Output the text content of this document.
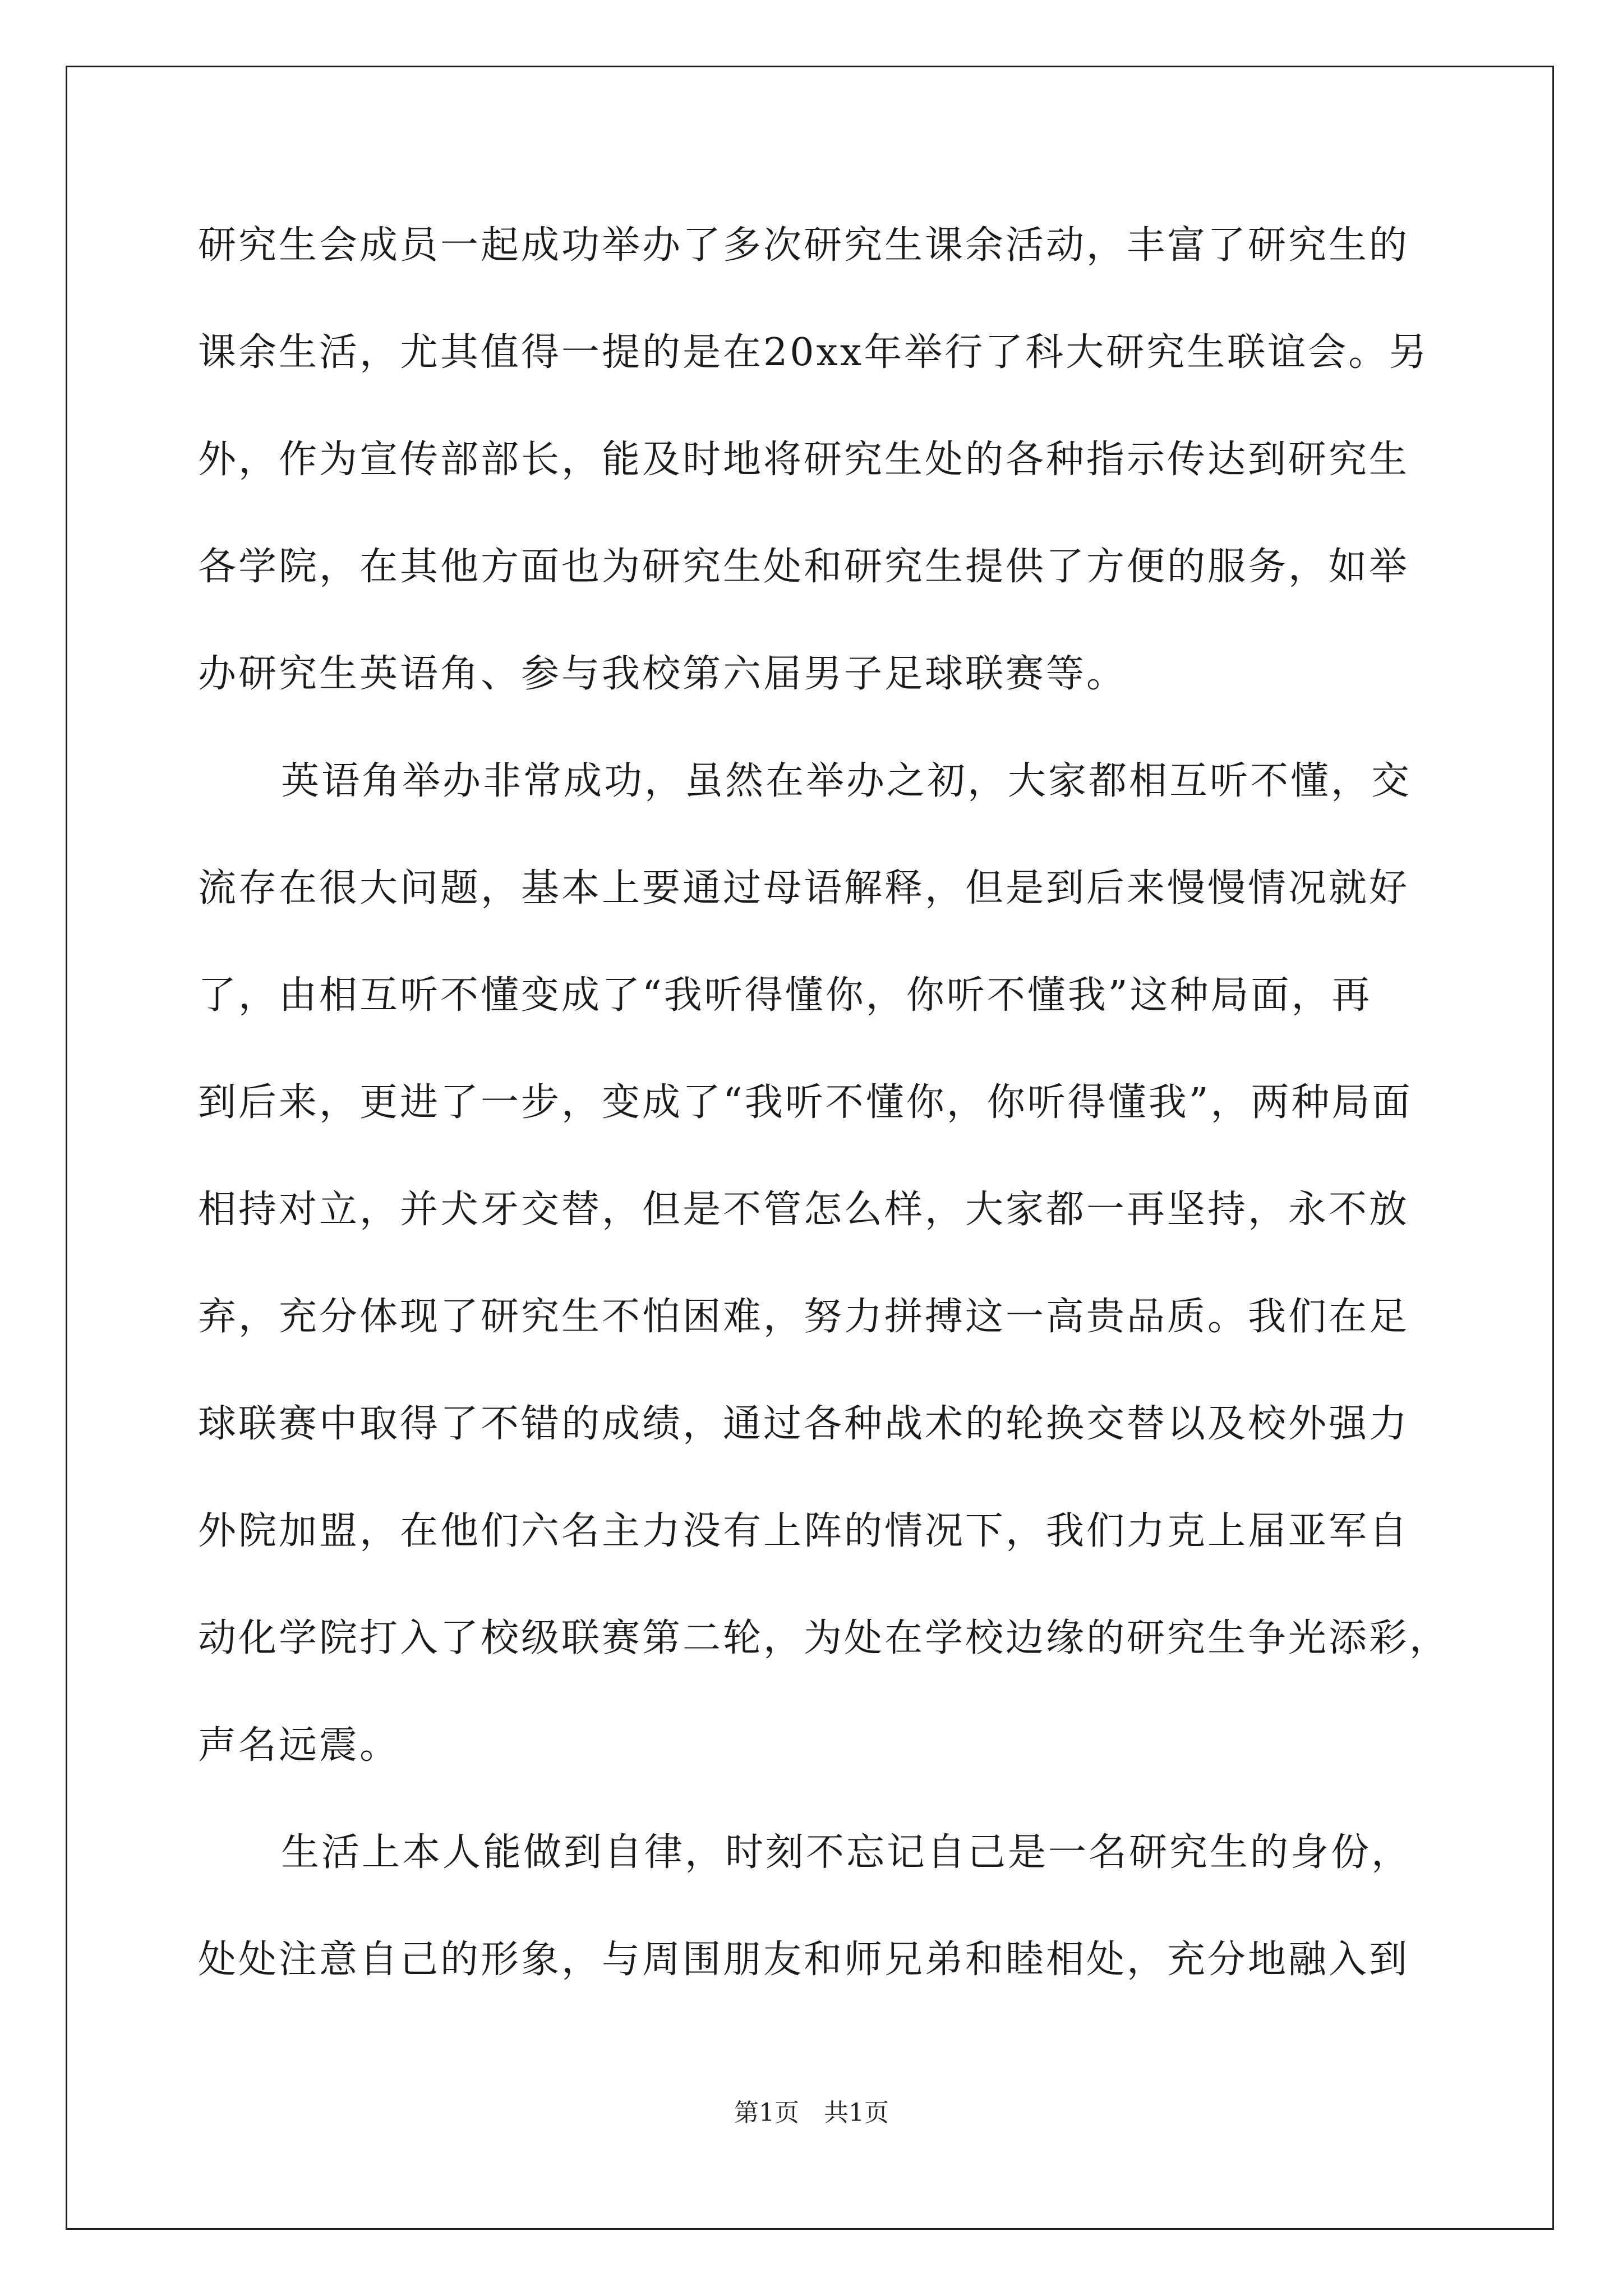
研究生会成员一起成功举办了多次研究生课余活动，丰富了研究生的
课余生活，尤其值得一提的是在20xx年举行了科大研究生联谊会。另
外，作为宣传部部长，能及时地将研究生处的各种指示传达到研究生
各学院，在其他方面也为研究生处和研究生提供了方便的服务，如举
办研究生英语角、参与我校第六届男子足球联赛等。
英语角举办非常成功，虽然在举办之初，大家都相互听不懂，交
流存在很大问题，基本上要通过母语解释，但是到后来慢慢情况就好
了，由相互听不懂变成了“我听得懂你，你听不懂我”这种局面，再
到后来，更进了一步，变成了“我听不懂你，你听得懂我”，两种局面
相持对立，并犬牙交替，但是不管怎么样，大家都一再坚持，永不放
弃，充分体现了研究生不怕困难，努力拼搏这一高贵品质。我们在足
球联赛中取得了不错的成绩，通过各种战术的轮换交替以及校外强力
外院加盟，在他们六名主力没有上阵的情况下，我们力克上届亚军自
动化学院打入了校级联赛第二轮，为处在学校边缘的研究生争光添彩，
声名远震。
生活上本人能做到自律，时刻不忘记自己是一名研究生的身份，
处处注意自己的形象，与周围朋友和师兄弟和睦相处，充分地融入到
第1页　共1页
